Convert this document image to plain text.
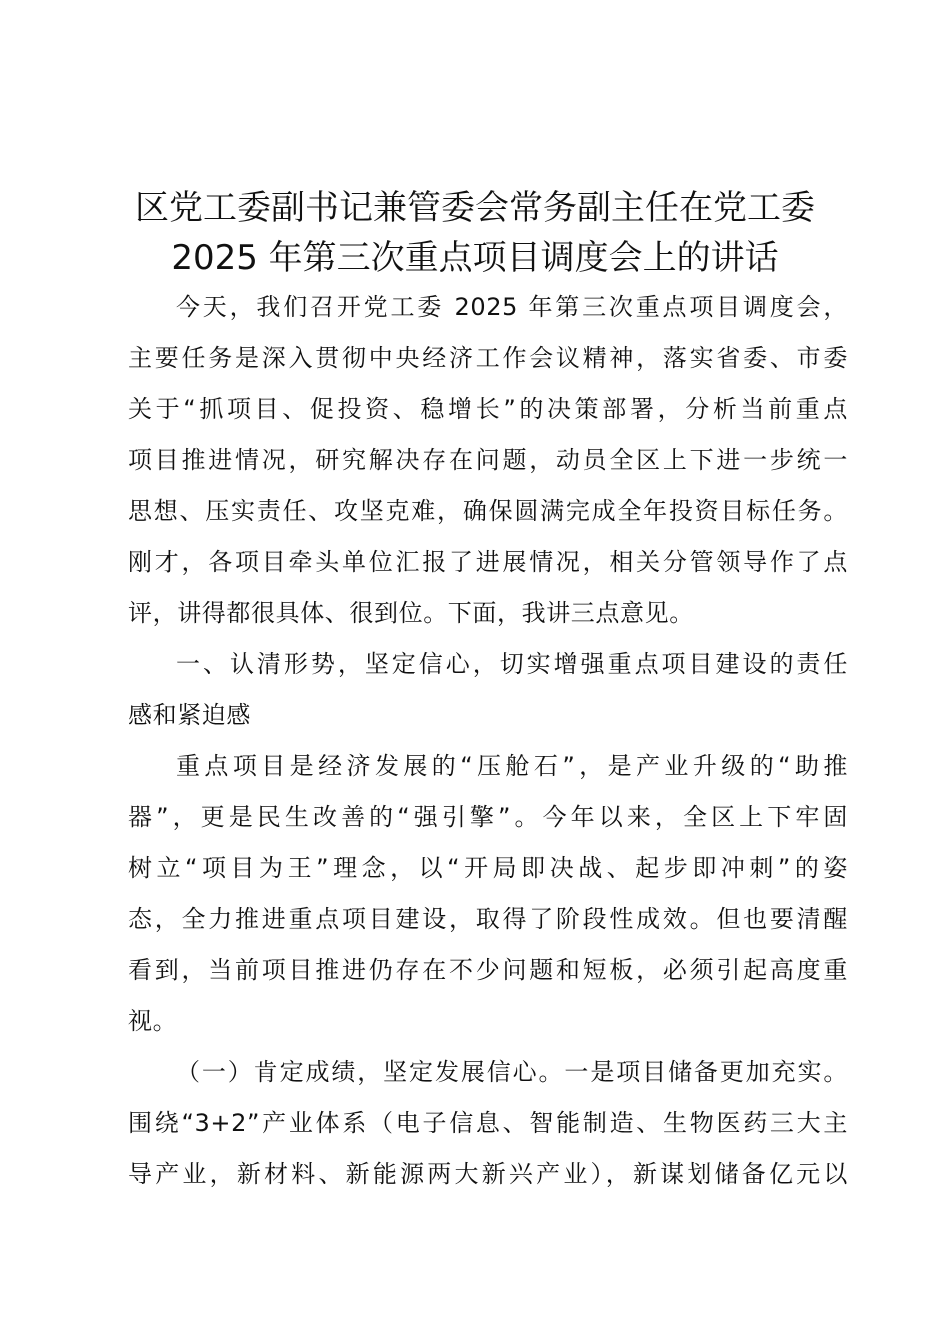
区党工委副书记兼管委会常务副主任在党工委
2025 年第三次重点项目调度会上的讲话
今天，我们召开党工委 2025 年第三次重点项目调度会，
主要任务是深入贯彻中央经济工作会议精神，落实省委、市委
关于“抓项目、促投资、稳增长”的决策部署，分析当前重点
项目推进情况，研究解决存在问题，动员全区上下进一步统一
思想、压实责任、攻坚克难，确保圆满完成全年投资目标任务。
刚才，各项目牵头单位汇报了进展情况，相关分管领导作了点
评，讲得都很具体、很到位。下面，我讲三点意见。
一、认清形势，坚定信心，切实增强重点项目建设的责任
感和紧迫感
重点项目是经济发展的“压舱石”，是产业升级的“助推
器”，更是民生改善的“强引擎”。今年以来，全区上下牢固
树立“项目为王”理念，以“开局即决战、起步即冲刺”的姿
态，全力推进重点项目建设，取得了阶段性成效。但也要清醒
看到，当前项目推进仍存在不少问题和短板，必须引起高度重
视。
（一）肯定成绩，坚定发展信心。一是项目储备更加充实。
围绕“3+2”产业体系（电子信息、智能制造、生物医药三大主
导产业，新材料、新能源两大新兴产业），新谋划储备亿元以
